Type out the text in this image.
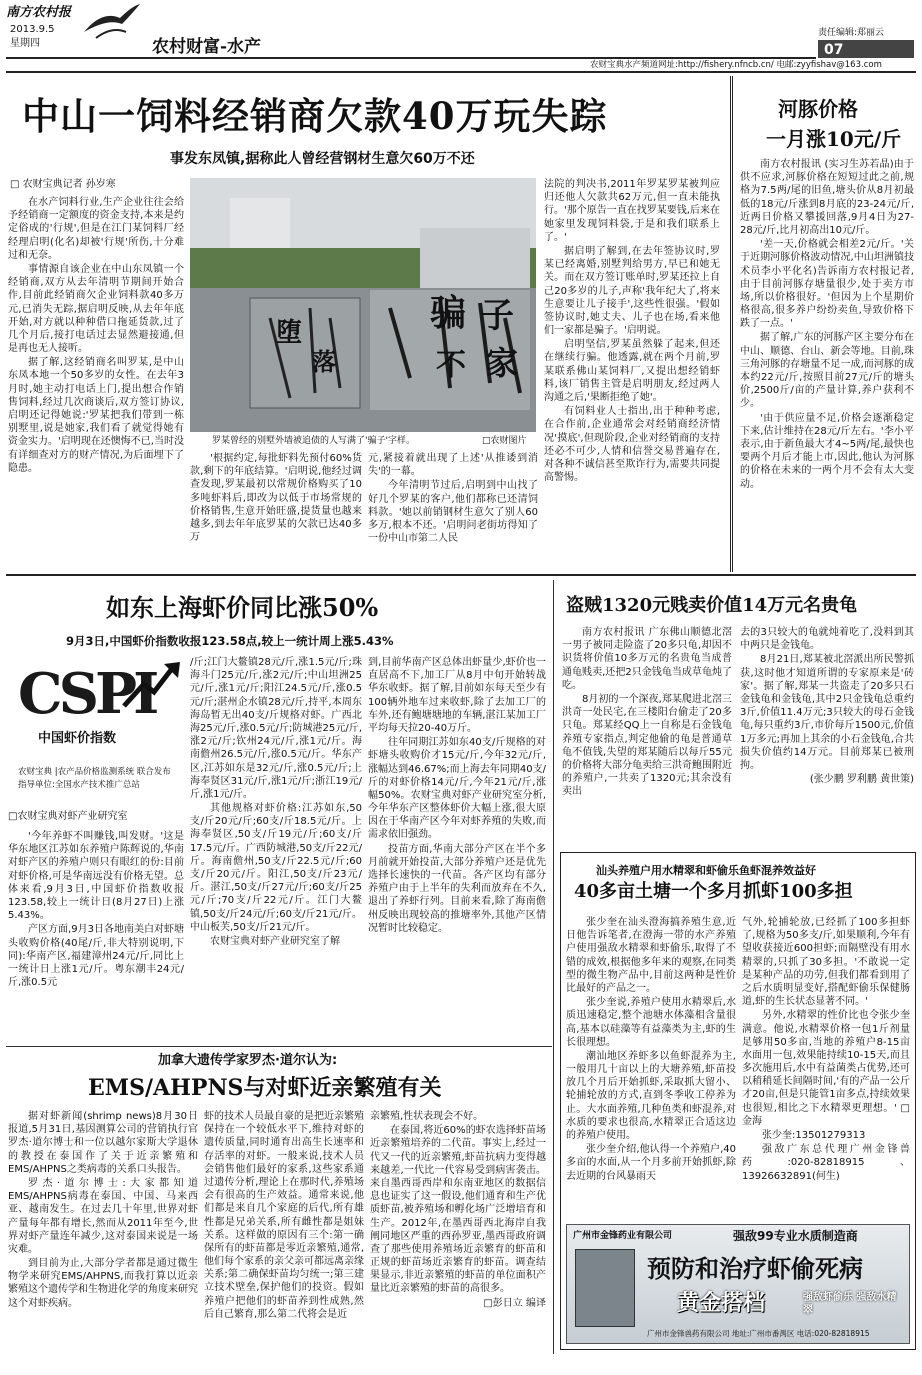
南方农村报
2013.9.5
星期四	农村财富-水产
责任编辑:郑丽云
07
农财宝典水产频道网址:http://fishery.nfncb.cn/ 电邮:zyyfishav@163.com
中山一饲料经销商欠款40万玩失踪
事发东凤镇,据称此人曾经营钢材生意欠60万不还
□ 农财宝典记者 孙岁寒

在水产饲料行业,生产企业往往会给予经销商一定额度的资金支持,本来是约定俗成的'行规',但是在江门某饲料厂经经理启明(化名)却被'行规'所伤,十分难过和无奈。

事情源自该企业在中山东凤镇一个经销商,双方从去年清明节期间开始合作,目前此经销商欠企业饲料款40多万元,已消失无踪,据启明反映,从去年年底开始,对方就以种种借口拖延货款,过了几个月后,接打电话过去显然避接通,但是再也无人接听。

据了解,这经销商名叫罗某,是中山东凤本地一个50多岁的女性。在去年3月时,她主动打电话上门,提出想合作销售饲料,经过几次商谈后,双方签订协议,启明还记得她说:'罗某把我们带到一栋别墅里,说是她家,我们看了就觉得她有资金实力。'启明现在还懊悔不已,当时没有详细查对方的财产情况,为后面埋下了隐患。

骗 子
家
堕
落	不
罗某曾经的别墅外墙被追债的人写满了'骗子'字样。	□农财图片

'根据约定,每批虾料先预付60%货款,剩下的年底结算。'启明说,他经过调查发现,罗某最初以常规价格购买了10多吨虾料后,即改为以低于市场常规的价格销售,生意开始旺盛,提货量也越来越多,到去年年底罗某的欠款已达40多万

元,紧接着就出现了上述'从推诿到消失'的一幕。

今年清明节过后,启明到中山找了好几个罗某的客户,他们都称已还清饲料款。'她以前销钢材生意欠了别人60多万,根本不还。'启明问老街坊得知了一份中山市第二人民

法院的判决书,2011年罗某罗某被判应归还他人欠款共62万元,但一直未能执行。'那个原告一直在找罗某要钱,后来在她家里发现饲料袋,于是和我们联系上了。'

据启明了解到,在去年签协议时,罗某已经离婚,别墅判给男方,早已和她无关。而在双方签订账单时,罗某还拉上自己20多岁的儿子,声称'我年纪大了,将来生意要让儿子接手',这些性很强。'假如签协议时,她丈夫、儿子也在场,看来他们一家都是骗子。'启明说。

启明坚信,罗某虽然躲了起来,但还在继续行骗。他透露,就在两个月前,罗某联系佛山某饲料厂,又提出想经销虾料,该厂销售主管是启明朋友,经过两人沟通之后,'果断拒绝了她'。

有饲料业人士指出,出于种种考虑,在合作前,企业通常会对经销商经济情况'摸底',但现阶段,企业对经销商的支持还必不可少,人情和信誉交易普遍存在,对各种不诚信甚至欺诈行为,需要共同提高警惕。

河豚价格
一月涨10元/斤

南方农村报讯 (实习生苏若晶)由于供不应求,河豚价格在短短过此之前,规格为7.5两/尾的旧鱼,塘头价从8月初最低的18元/斤涨到8月底的23-24元/斤,近两日价格又攀援回落,9月4日为27-28元/斤,比月初高出10元/斤。

'差一天,价格就会相差2元/斤。'关于近期河豚价格波动情况,中山坦洲镇技术员李小平化名)告诉南方农村报记者,由于目前河豚存塘量很少,处于卖方市场,所以价格很好。'但因为上个星期价格很高,很多养户纷纷卖鱼,导致价格下跌了一点。'

据了解,广东的河豚产区主要分布在中山、顺德、台山、新会等地。目前,珠三角河豚的存塘量不足一成,而河豚的成本约22元/斤,按照目前27元/斤的塘头价,2500斤/亩的产量计算,养户获利不少。

'由于供应量不足,价格会逐渐稳定下来,估计维持在28元/斤左右。'李小平表示,由于新鱼最大才4~5两/尾,最快也要两个月后才能上市,因此,他认为河豚的价格在未来的一两个月不会有太大变动。

如东上海虾价同比涨50%
9月3日,中国虾价指数收报123.58点,较上一统计周上涨5.43%
CSPI
中国虾价指数
农财宝典 |农产品价格监测系统 联合发布 指导单位:全国水产技术推广总站
□农财宝典对虾产业研究室

'今年养虾不叫赚钱,叫发财。'这是华东地区江苏如东养殖户陈辉说的,华南对虾产区的养殖户则只有眼红的份:目前对虾价格,可是华南远没有价格无望。总体来看,9月3日,中国虾价指数收报123.58,较上一统计日(8月27日)上涨5.43%。

产区方面,9月3日各地南美白对虾塘头收购价格(40尾/斤,非大特别说明,下同):华南产区,福建漳州24元/斤,同比上一统计日上涨1元/斤。粤东潮丰24元/斤,涨0.5元

/斤;江门大鳌镇28元/斤,涨1.5元/斤;珠海斗门25元/斤,涨2元/斤;中山坦洲25元/斤,涨1元/斤;阳江24.5元/斤,涨0.5元/斤;湛州企水镇28元/斤,持平,本周东海岛暂无出40支/斤规格对虾。广西北海25元/斤,涨0.5元/斤;防城港25元/斤,涨2元/斤;钦州24元/斤,涨1元/斤。海南儋州26.5元/斤,涨0.5元/斤。华东产区,江苏如东是32元/斤,涨0.5元/斤;上海奉贤区31元/斤,涨1元/斤;浙江19元/斤,涨1元/斤。

其他规格对虾价格:江苏如东,50支/斤20元/斤;60支/斤18.5元/斤。上海奉贤区,50支/斤19元/斤;60支/斤17.5元/斤。广西防城港,50支/斤22元/斤。海南儋州,50支/斤22.5元/斤;60支/斤20元/斤。阳江,50支/斤23元/斤。湛江,50支/斤27元/斤;60支/斤25元/斤;70支/斤22元/斤。江门大鳌镇,50支/斤24元/斤;60支/斤21元/斤。中山板芙,50支/斤21元/斤。

农财宝典对虾产业研究室了解

到,目前华南产区总体出虾量少,虾价也一直居高不下,加工厂从8月中旬开始转战华东收虾。据了解,目前如东每天至少有100辆外地车过来收虾,除了去加工厂的车外,还有鲍塘塘地的车辆,湛江某加工厂平均每天拉20-40万斤。

往年同期江苏如东40支/斤规格的对虾塘头收购价才15元/斤,今年32元/斤,涨幅达到46.67%;而上海去年同期40支/斤的对虾价格14元/斤,今年21元/斤,涨幅50%。农财宝典对虾产业研究室分析,今年华东产区整体虾价大幅上涨,很大原因在于华南产区今年对虾养殖的失败,而需求依旧强劲。

投苗方面,华南大部分产区在半个多月前就开始投苗,大部分养殖户还是优先选择长速快的一代苗。各产区均有部分养殖户由于上半年的失利而放弃在不久,退出了养虾行列。目前来看,除了海南儋州反映出现较高的推塘率外,其他产区情况暂时比较稳定。

盗贼1320元贱卖价值14万元名贵龟

南方农村报讯 广东佛山顺德北滘一男子被同走险盗了20多只龟,却因不识货将价值10多万元的名贵龟当成普通龟贱卖,还把2只金钱龟当成草龟炖了吃。

8月初的一个深夜,郑某爬进北滘三洪奇一处民宅,在三楼阳台偷走了20多只龟。郑某经QQ上一自称是石金钱龟养殖专家指点,判定他偷的龟是普通草龟不值钱,失望的郑某随后以每斤55元的价格将大部分龟卖给三洪奇鲍围附近的养殖户,一共卖了1320元;其余没有卖出

去的3只较大的龟就炖着吃了,没料到其中两只是金钱龟。

8月21日,郑某被北滘派出所民警抓获,这时他才知道所谓的专家原来是'砖家'。据了解,郑某一共盗走了20多只石金钱龟和金钱龟,其中2只金钱龟总重约3斤,价值11.4万元;3只较大的母石金钱龟,每只重约3斤,市价每斤1500元,价值1万多元;再加上其余的小石金钱龟,合共损失价值约14万元。目前郑某已被刑拘。

(张少鹏 罗利鹏 黄世策)

汕头养殖户用水精翠和虾偷乐鱼虾混养效益好
40多亩土塘一个多月抓虾100多担

张少奎在汕头澄海搞养殖生意,近日他告诉笔者,在澄海一带的水产养殖户使用强敌水精翠和虾偷乐,取得了不错的成效,根据他多年来的观察,在同类型的微生物产品中,目前这两种是性价比最好的产品之一。

张少奎说,养殖户使用水精翠后,水质迅速稳定,整个池塘水体藻相含量很高,基本以硅藻等有益藻类为主,虾的生长很理想。

潮汕地区养虾多以鱼虾混养为主,一般用几十亩以上的大塘养殖,虾苗投放几个月后开始抓虾,采取抓大留小、轮捕轮放的方式,直到冬季收工停养为止。大水面养殖,几种鱼类和虾混养,对水质的要求也很高,水精翠正合适这边的养殖户使用。

张少奎介绍,他认得一个养殖户,40多亩的水面,从一个月多前开始抓虾,除去近期的台风暴雨天

气外,轮捕轮放,已经抓了100多担虾了,规格为50多支/斤,如果顺利,今年有望收获接近600担虾;而隔壁没有用水精翠的,只抓了30多担。'不敢说一定是某种产品的功劳,但我们都看到用了之后水质明显变好,搭配虾偷乐保健肠道,虾的生长状态显著不同。'

另外,水精翠的性价比也令张少奎满意。他说,水精翠价格一包1斤剂量足够用50多亩,当地的养殖户8-15亩水面用一包,效果能持续10-15天,而且多次施用后,水中有益菌类占优势,还可以稍稍延长间隔时间,'有的产品一公斤才20亩,但是只能管1亩多点,持续效果也很短,相比之下水精翠更理想。' □金海

张少奎:13501279313

强敌广东总代理广州金锋兽药:020-82818915、13926632891(何生)

广州市金锋药业有限公司	强敌99专业水质制造商
预防和治疗虾偷死病
黄金搭档	强敌虾偷乐 强敌水精翠
广州市金锋兽药有限公司 地址:广州市番禺区 电话:020-82818915
加拿大遗传学家罗杰·道尔认为:
EMS/AHPNS与对虾近亲繁殖有关

据对虾新闻(shrimp news)8月30日报道,5月31日,基因测算公司的营销执行官罗杰·道尔博士和一位以越尔家斯大学退休的教授在泰国作了关于近亲繁殖和EMS/AHPNS之类病毒的关系口头报告。

罗杰·道尔博士:大家都知道EMS/AHPNS病毒在泰国、中国、马来西亚、越南发生。在过去几十年里,世界对虾产量每年都有增长,然而从2011年至今,世界对虾产量连年减少,这对泰国来说是一场灾难。

到目前为止,大部分学者都是通过微生物学来研究EMS/AHPNS,而我打算以近亲繁殖这个遗传学和生物进化学的角度来研究这个对虾疾病。

虾的技术人员最自豪的是把近亲繁殖保持在一个较低水平下,维持对虾的遗传质量,同时通育出高生长速率和存活率的对虾。一般来说,技术人员会销售他们最好的家系,这些家系通过遗传分析,理论上在那时代,养殖场会有很高的生产效益。通常来说,他们都是来自几个家庭的后代,所有雄性都是兄弟关系,所有雌性都是姐妹关系。这样做的原因有三个:第一确保所有的虾苗都是零近亲繁殖,通常,他们每个家系的亲父亲可都远离亲缘关系;第二确保虾苗均匀统一;第三建立技术壁垒,保护他们的投资。假如养殖户把他们的虾苗养到性成熟,然后自己繁育,那么第二代将会是近

亲繁殖,性状表现会不好。

在泰国,将近60%的虾农选择虾苗场近亲繁殖培养的二代苗。事实上,经过一代又一代的近亲繁殖,虾苗抗病力变得越来越差,一代比一代容易受到病害袭击。来自墨西哥西岸和东南亚地区的数据信息也证实了这一假设,他们通育和生产优质虾苗,被养殖场和孵化场广泛增培育和生产。2012年,在墨西哥西北海岸自我阐同地区严重的西孙罗亚,墨西哥政府调查了那些使用养殖场近亲繁育的虾苗和正规的虾苗场近亲繁育的虾苗。调查结果显示,非近亲繁殖的虾苗的单位面积产量比近亲繁殖的虾苗的高很多。

□彭日立 编译
